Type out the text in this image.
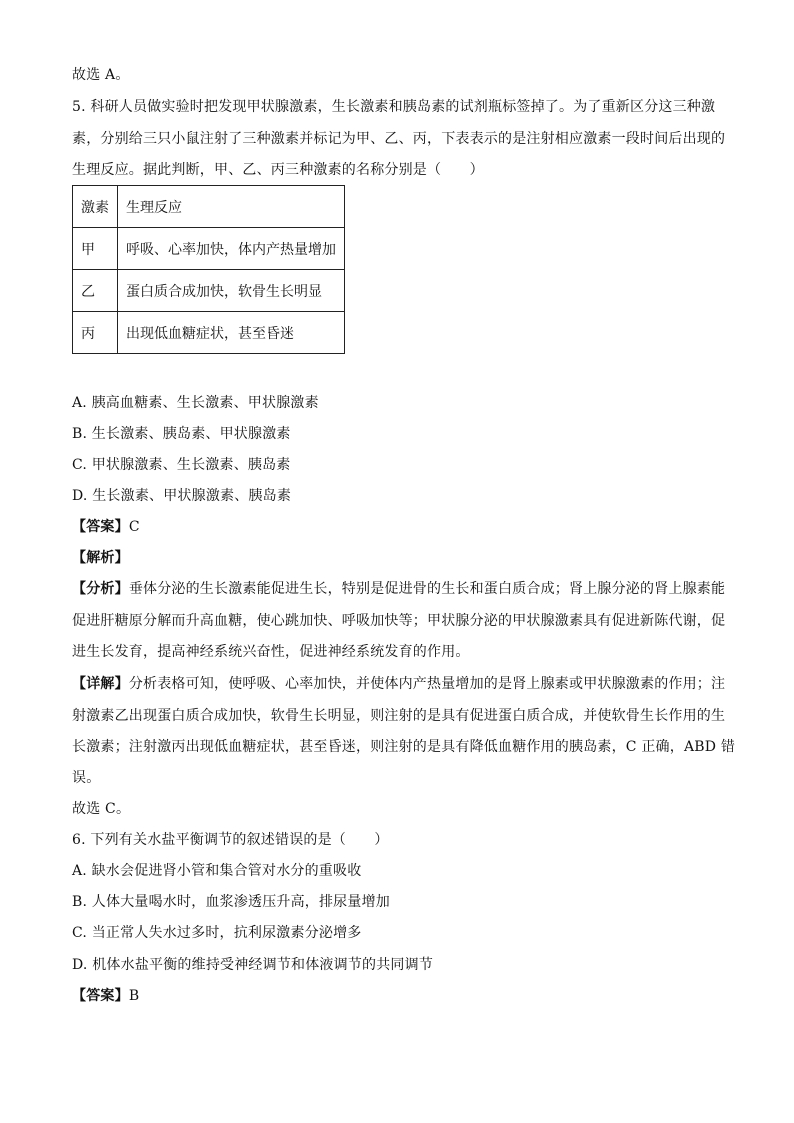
故选 A。
5. 科研人员做实验时把发现甲状腺激素，生长激素和胰岛素的试剂瓶标签掉了。为了重新区分这三种激
素，分别给三只小鼠注射了三种激素并标记为甲、乙、丙，下表表示的是注射相应激素一段时间后出现的
生理反应。据此判断，甲、乙、丙三种激素的名称分别是（　　）
激素	生理反应
甲	呼吸、心率加快，体内产热量增加
乙	蛋白质合成加快，软骨生长明显
丙	出现低血糖症状，甚至昏迷
A. 胰高血糖素、生长激素、甲状腺激素
B. 生长激素、胰岛素、甲状腺激素
C. 甲状腺激素、生长激素、胰岛素
D. 生长激素、甲状腺激素、胰岛素
【答案】C
【解析】
【分析】垂体分泌的生长激素能促进生长，特别是促进骨的生长和蛋白质合成；肾上腺分泌的肾上腺素能
促进肝糖原分解而升高血糖，使心跳加快、呼吸加快等；甲状腺分泌的甲状腺激素具有促进新陈代谢，促
进生长发育，提高神经系统兴奋性，促进神经系统发育的作用。
【详解】分析表格可知，使呼吸、心率加快，并使体内产热量增加的是肾上腺素或甲状腺激素的作用；注
射激素乙出现蛋白质合成加快，软骨生长明显，则注射的是具有促进蛋白质合成，并使软骨生长作用的生
长激素；注射激丙出现低血糖症状，甚至昏迷，则注射的是具有降低血糖作用的胰岛素，C 正确，ABD 错
误。
故选 C。
6. 下列有关水盐平衡调节的叙述错误的是（　　）
A. 缺水会促进肾小管和集合管对水分的重吸收
B. 人体大量喝水时，血浆渗透压升高，排尿量增加
C. 当正常人失水过多时，抗利尿激素分泌增多
D. 机体水盐平衡的维持受神经调节和体液调节的共同调节
【答案】B
